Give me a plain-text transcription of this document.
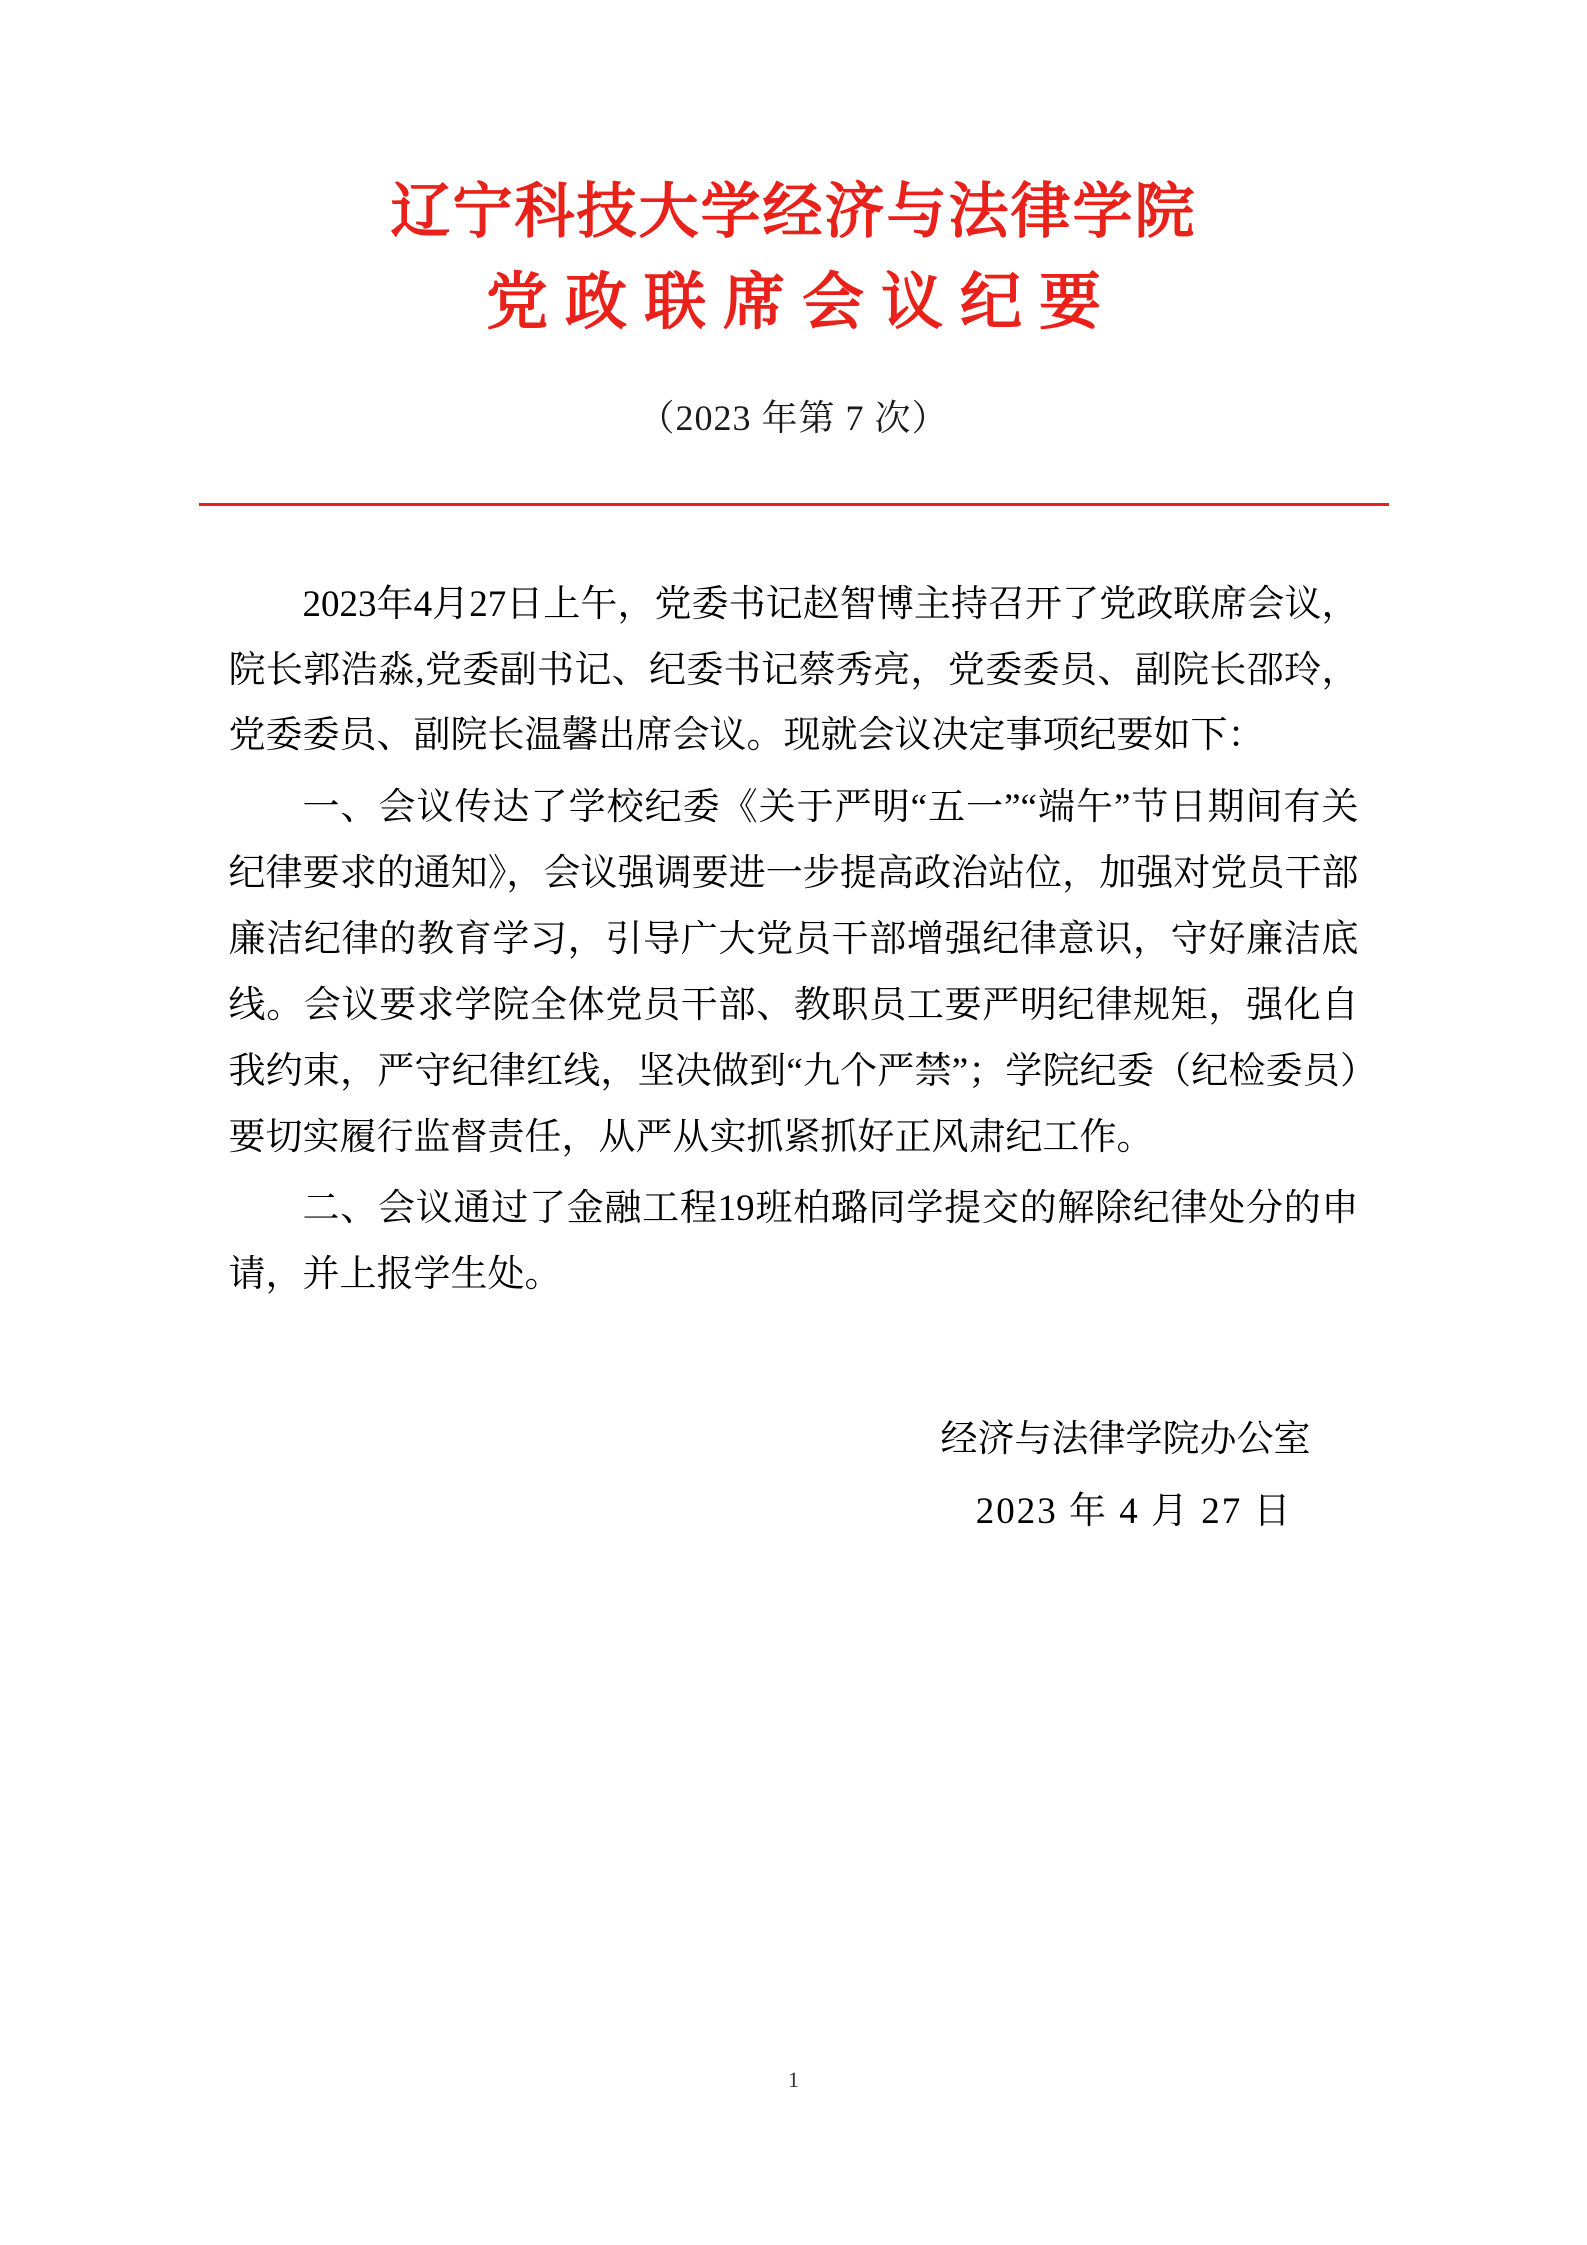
辽宁科技大学经济与法律学院
党政联席会议纪要
（2023 年第 7 次）

2023年4月27日上午，党委书记赵智博主持召开了党政联席会议，院长郭浩淼,党委副书记、纪委书记蔡秀亮，党委委员、副院长邵玲，党委委员、副院长温馨出席会议。现就会议决定事项纪要如下：

一、会议传达了学校纪委《关于严明“五一”“端午”节日期间有关纪律要求的通知》，会议强调要进一步提高政治站位，加强对党员干部廉洁纪律的教育学习，引导广大党员干部增强纪律意识，守好廉洁底线。会议要求学院全体党员干部、教职员工要严明纪律规矩，强化自我约束，严守纪律红线，坚决做到“九个严禁”；学院纪委（纪检委员）要切实履行监督责任，从严从实抓紧抓好正风肃纪工作。

二、会议通过了金融工程19班柏璐同学提交的解除纪律处分的申请，并上报学生处。

经济与法律学院办公室
2023 年 4 月 27 日
1
